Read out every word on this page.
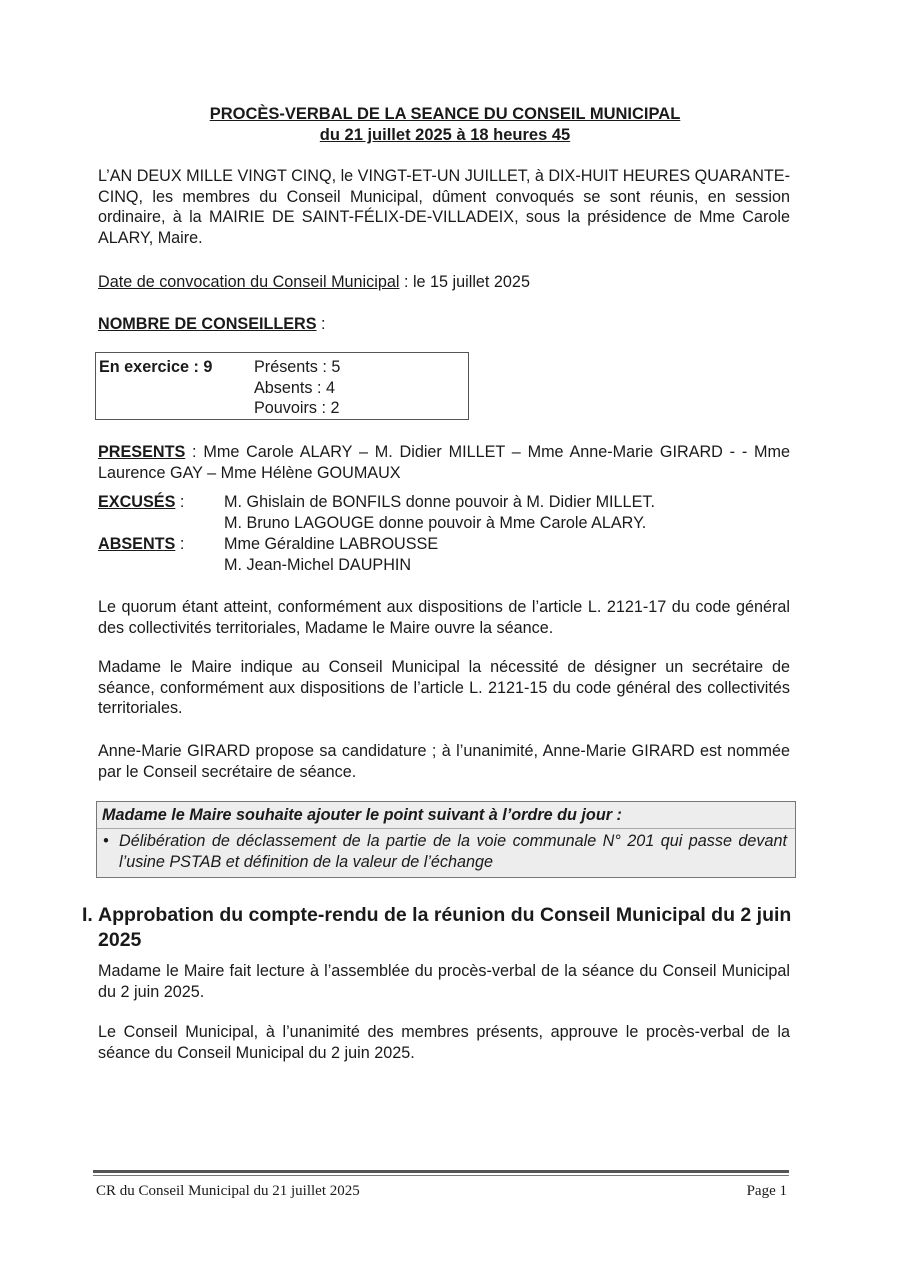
PROCÈS-VERBAL DE LA SEANCE DU CONSEIL MUNICIPAL
du 21 juillet 2025 à 18 heures 45
L’AN DEUX MILLE VINGT CINQ, le VINGT-ET-UN JUILLET, à DIX-HUIT HEURES QUARANTE-CINQ, les membres du Conseil Municipal, dûment convoqués se sont réunis, en session ordinaire, à la MAIRIE DE SAINT-FÉLIX-DE-VILLADEIX, sous la présidence de Mme Carole ALARY, Maire.
Date de convocation du Conseil Municipal : le 15 juillet 2025
NOMBRE DE CONSEILLERS :
En exercice : 9	Présents : 5
Absents : 4
Pouvoirs : 2
PRESENTS : Mme Carole ALARY – M. Didier MILLET – Mme Anne-Marie GIRARD - - Mme Laurence GAY – Mme Hélène GOUMAUX
EXCUSÉS : M. Ghislain de BONFILS donne pouvoir à M. Didier MILLET.
M. Bruno LAGOUGE donne pouvoir à Mme Carole ALARY.
ABSENTS : Mme Géraldine LABROUSSE
M. Jean-Michel DAUPHIN
Le quorum étant atteint, conformément aux dispositions de l’article L. 2121-17 du code général des collectivités territoriales, Madame le Maire ouvre la séance.
Madame le Maire indique au Conseil Municipal la nécessité de désigner un secrétaire de séance, conformément aux dispositions de l’article L. 2121-15 du code général des collectivités territoriales.
Anne-Marie GIRARD propose sa candidature ; à l’unanimité, Anne-Marie GIRARD est nommée par le Conseil secrétaire de séance.
Madame le Maire souhaite ajouter le point suivant à l’ordre du jour :
• Délibération de déclassement de la partie de la voie communale N° 201 qui passe devant l’usine PSTAB et définition de la valeur de l’échange
I. Approbation du compte-rendu de la réunion du Conseil Municipal du 2 juin 2025
Madame le Maire fait lecture à l’assemblée du procès-verbal de la séance du Conseil Municipal du 2 juin 2025.
Le Conseil Municipal, à l’unanimité des membres présents, approuve le procès-verbal de la séance du Conseil Municipal du 2 juin 2025.
CR du Conseil Municipal du 21 juillet 2025	Page 1
